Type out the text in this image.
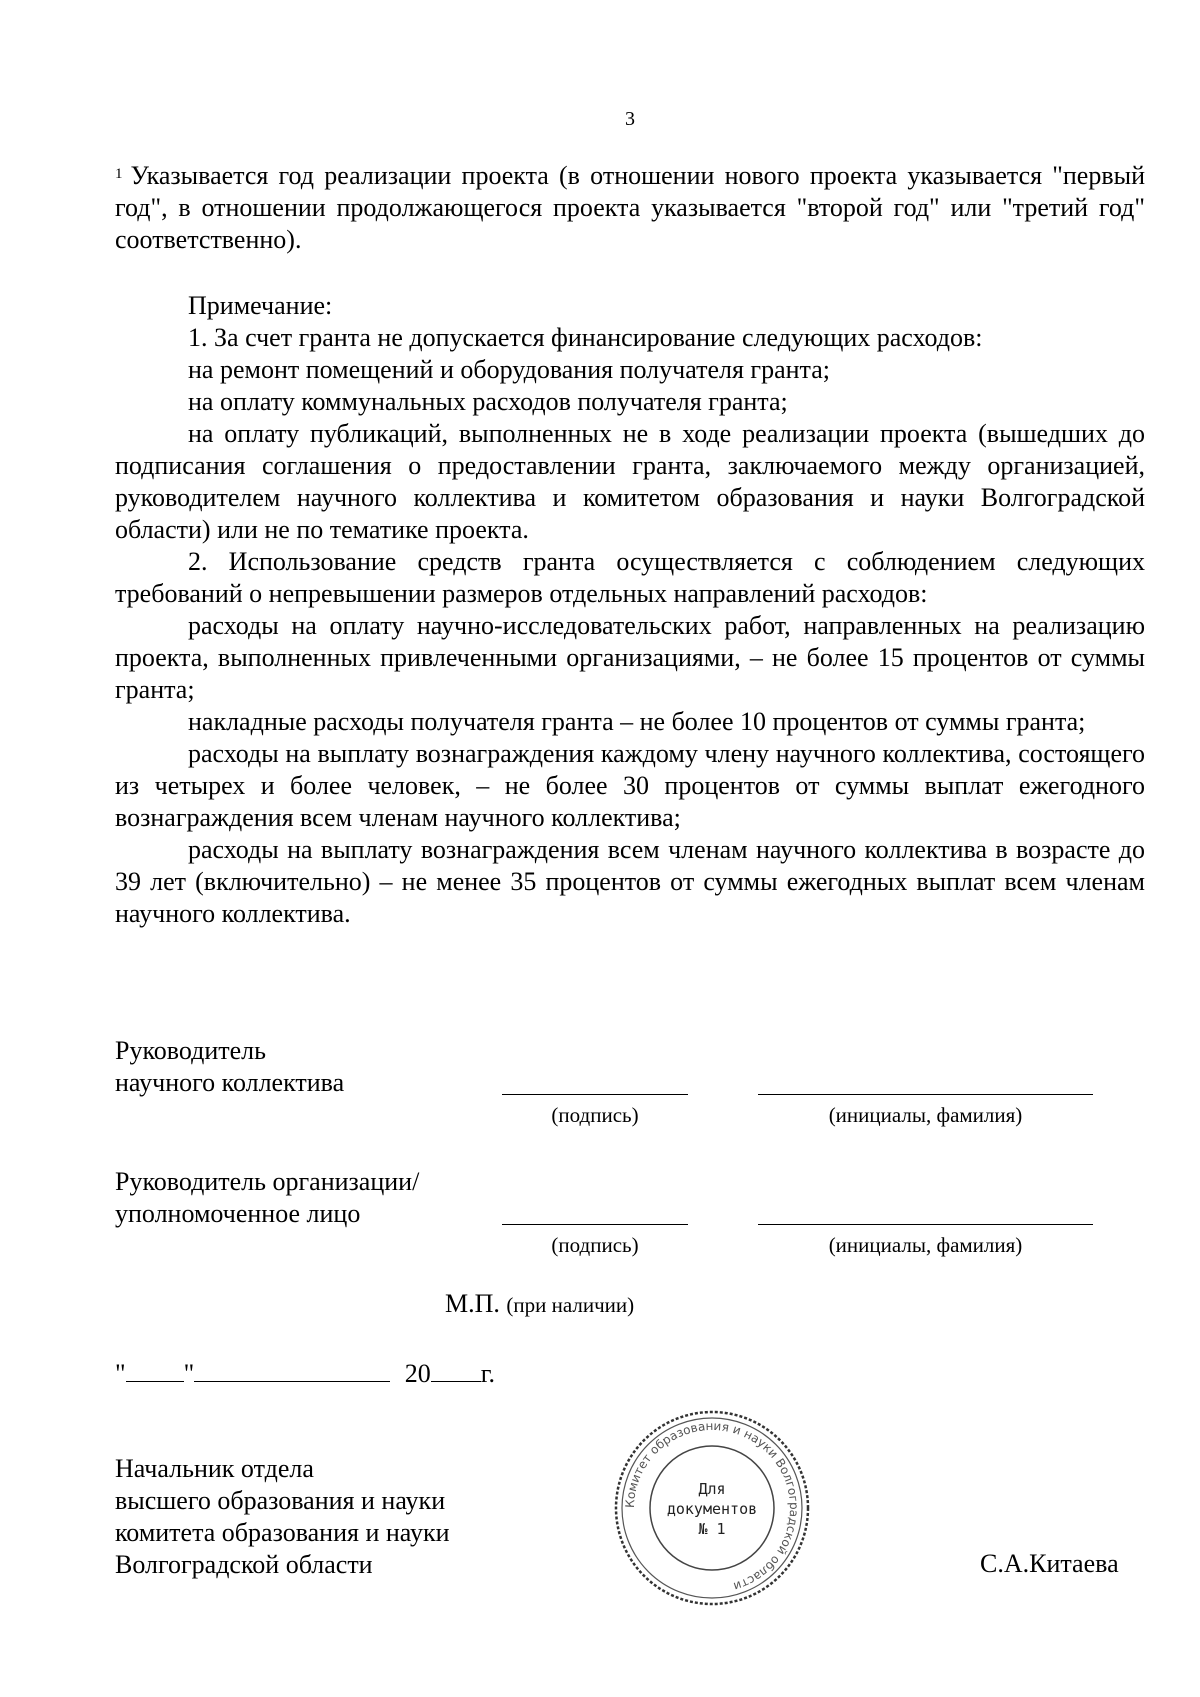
3
$^1$ Указывается год реализации проекта (в отношении нового проекта указывается "первый год", в отношении продолжающегося проекта указывается "второй год" или "третий год" соответственно).

Примечание:

1. За счет гранта не допускается финансирование следующих расходов:

на ремонт помещений и оборудования получателя гранта;

на оплату коммунальных расходов получателя гранта;

на оплату публикаций, выполненных не в ходе реализации проекта (вышедших до подписания соглашения о предоставлении гранта, заключаемого между организацией, руководителем научного коллектива и комитетом образования и науки Волгоградской области) или не по тематике проекта.

2. Использование средств гранта осуществляется с соблюдением следующих требований о непревышении размеров отдельных направлений расходов:

расходы на оплату научно-исследовательских работ, направленных на реализацию проекта, выполненных привлеченными организациями, – не более 15 процентов от суммы гранта;

накладные расходы получателя гранта – не более 10 процентов от суммы гранта;

расходы на выплату вознаграждения каждому члену научного коллектива, состоящего из четырех и более человек, – не более 30 процентов от суммы выплат ежегодного вознаграждения всем членам научного коллектива;

расходы на выплату вознаграждения всем членам научного коллектива в возрасте до 39 лет (включительно) – не менее 35 процентов от суммы ежегодных выплат всем членам научного коллектива.

Руководитель
научного коллектива
(подпись)	(инициалы, фамилия)
Руководитель организации/
уполномоченное лицо
(подпись)	(инициалы, фамилия)
М.П. (при наличии)
" "	20 г.
Начальник отдела
высшего образования и науки
комитета образования и науки
Волгоградской области	С.А.Китаева
Комитет образования и науки Волгоградской области
Для
документов
№ 1
